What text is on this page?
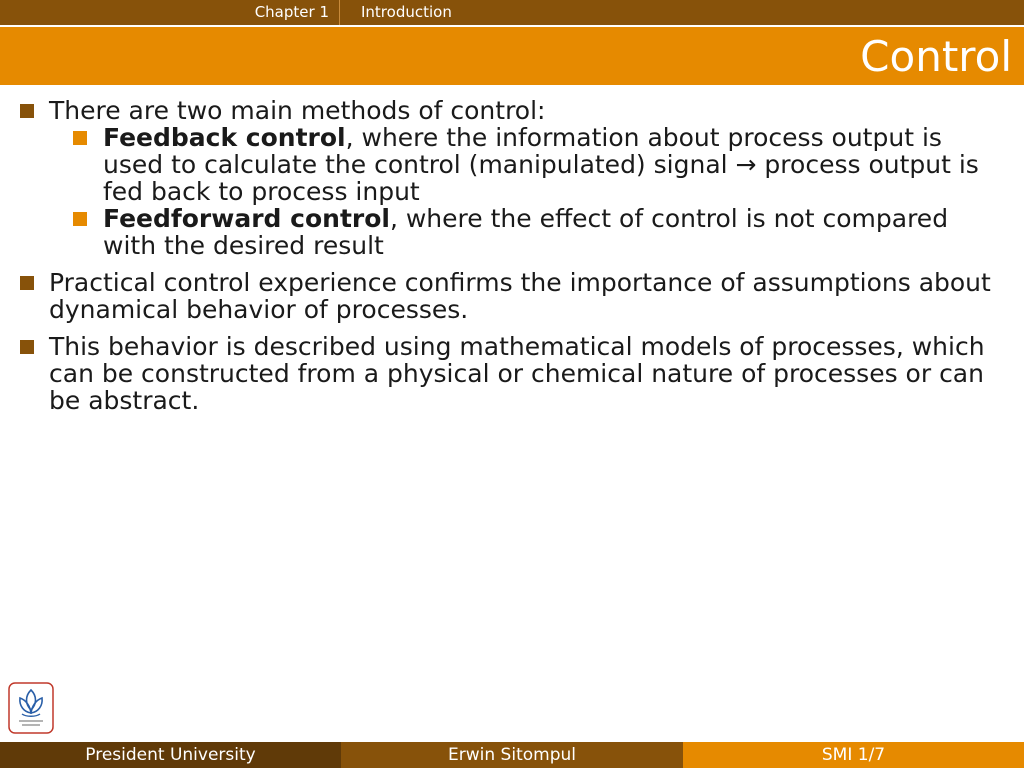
Chapter 1	Introduction
Control
There are two main methods of control:
Feedback control, where the information about process output is used to calculate the control (manipulated) signal → process output is fed back to process input
Feedforward control, where the effect of control is not compared with the desired result
Practical control experience confirms the importance of assumptions about dynamical behavior of processes.
This behavior is described using mathematical models of processes, which can be constructed from a physical or chemical nature of processes or can be abstract.
President University	Erwin Sitompul	SMI 1/7
